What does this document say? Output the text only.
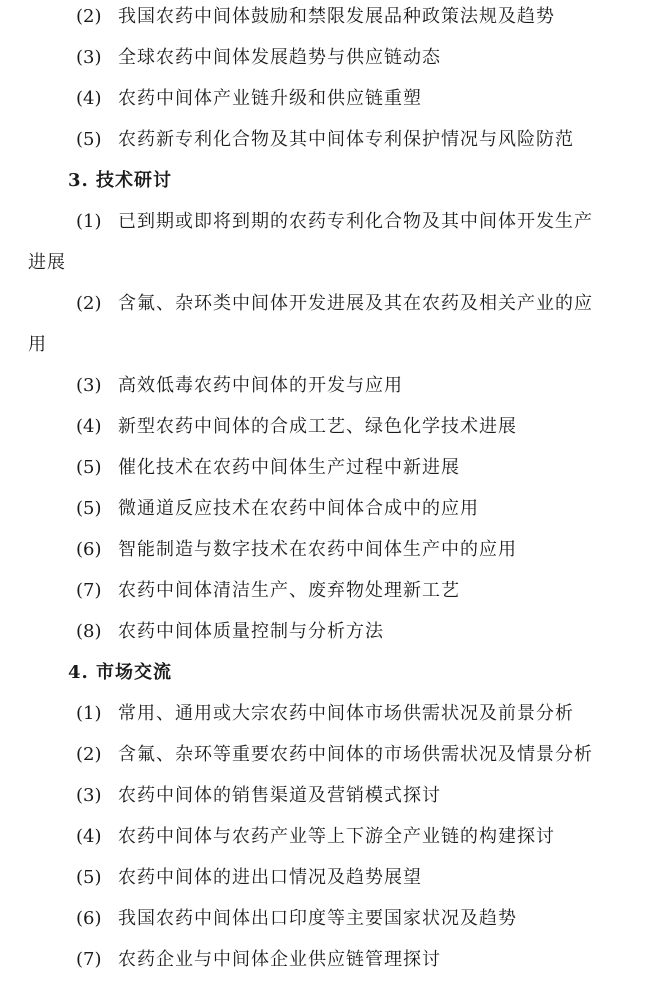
(2) 我国农药中间体鼓励和禁限发展品种政策法规及趋势
(3) 全球农药中间体发展趋势与供应链动态
(4) 农药中间体产业链升级和供应链重塑
(5) 农药新专利化合物及其中间体专利保护情况与风险防范
3. 技术研讨
(1) 已到期或即将到期的农药专利化合物及其中间体开发生产
进展
(2) 含氟、杂环类中间体开发进展及其在农药及相关产业的应
用
(3) 高效低毒农药中间体的开发与应用
(4) 新型农药中间体的合成工艺、绿色化学技术进展
(5) 催化技术在农药中间体生产过程中新进展
(5) 微通道反应技术在农药中间体合成中的应用
(6) 智能制造与数字技术在农药中间体生产中的应用
(7) 农药中间体清洁生产、废弃物处理新工艺
(8) 农药中间体质量控制与分析方法
4. 市场交流
(1) 常用、通用或大宗农药中间体市场供需状况及前景分析
(2) 含氟、杂环等重要农药中间体的市场供需状况及情景分析
(3) 农药中间体的销售渠道及营销模式探讨
(4) 农药中间体与农药产业等上下游全产业链的构建探讨
(5) 农药中间体的进出口情况及趋势展望
(6) 我国农药中间体出口印度等主要国家状况及趋势
(7) 农药企业与中间体企业供应链管理探讨
